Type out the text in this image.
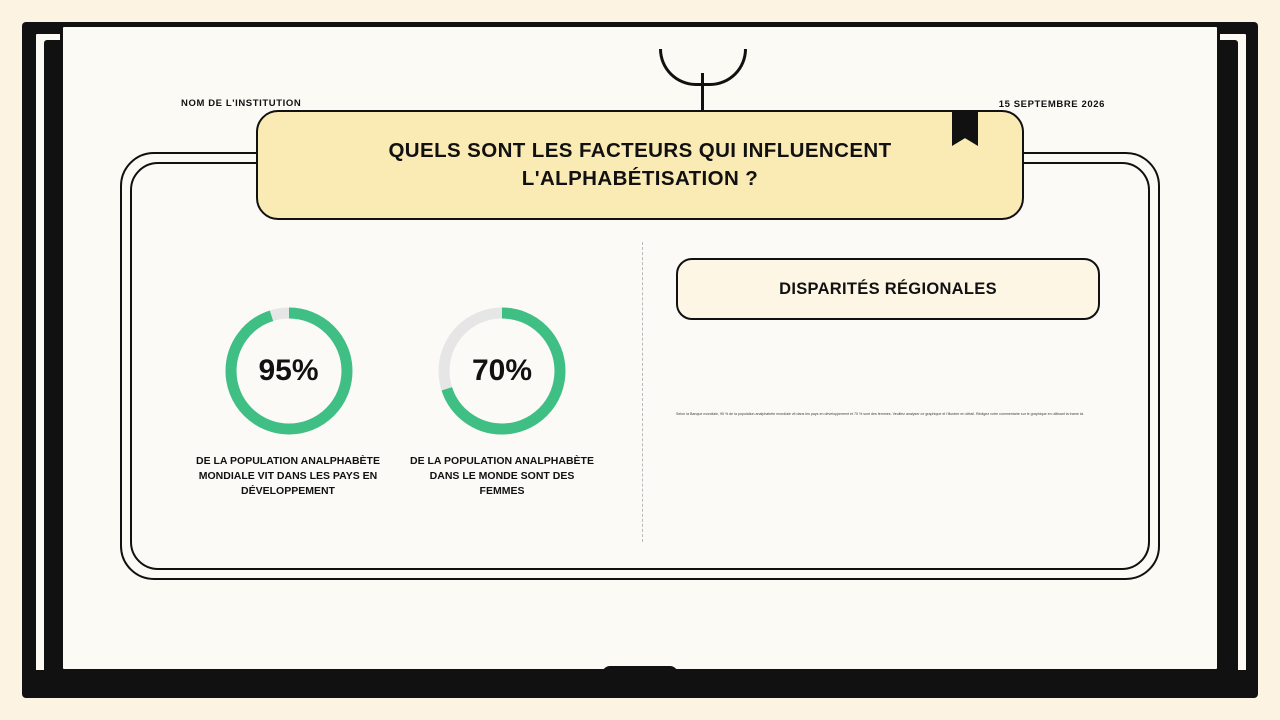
NOM DE L'INSTITUTION	15 SEPTEMBRE 2026
95%
DE LA POPULATION ANALPHABÈTE MONDIALE VIT DANS LES PAYS EN DÉVELOPPEMENT
70%
DE LA POPULATION ANALPHABÈTE DANS LE MONDE SONT DES FEMMES
DISPARITÉS RÉGIONALES
Selon la Banque mondiale, 95 % de la population analphabète mondiale vit dans les pays en développement et 70 % sont des femmes. Veuillez analyser ce graphique et l'illustrer en détail. Rédigez votre commentaire sur le graphique en utilisant la trame ici.
QUELS SONT LES FACTEURS QUI INFLUENCENT L'ALPHABÉTISATION ?
